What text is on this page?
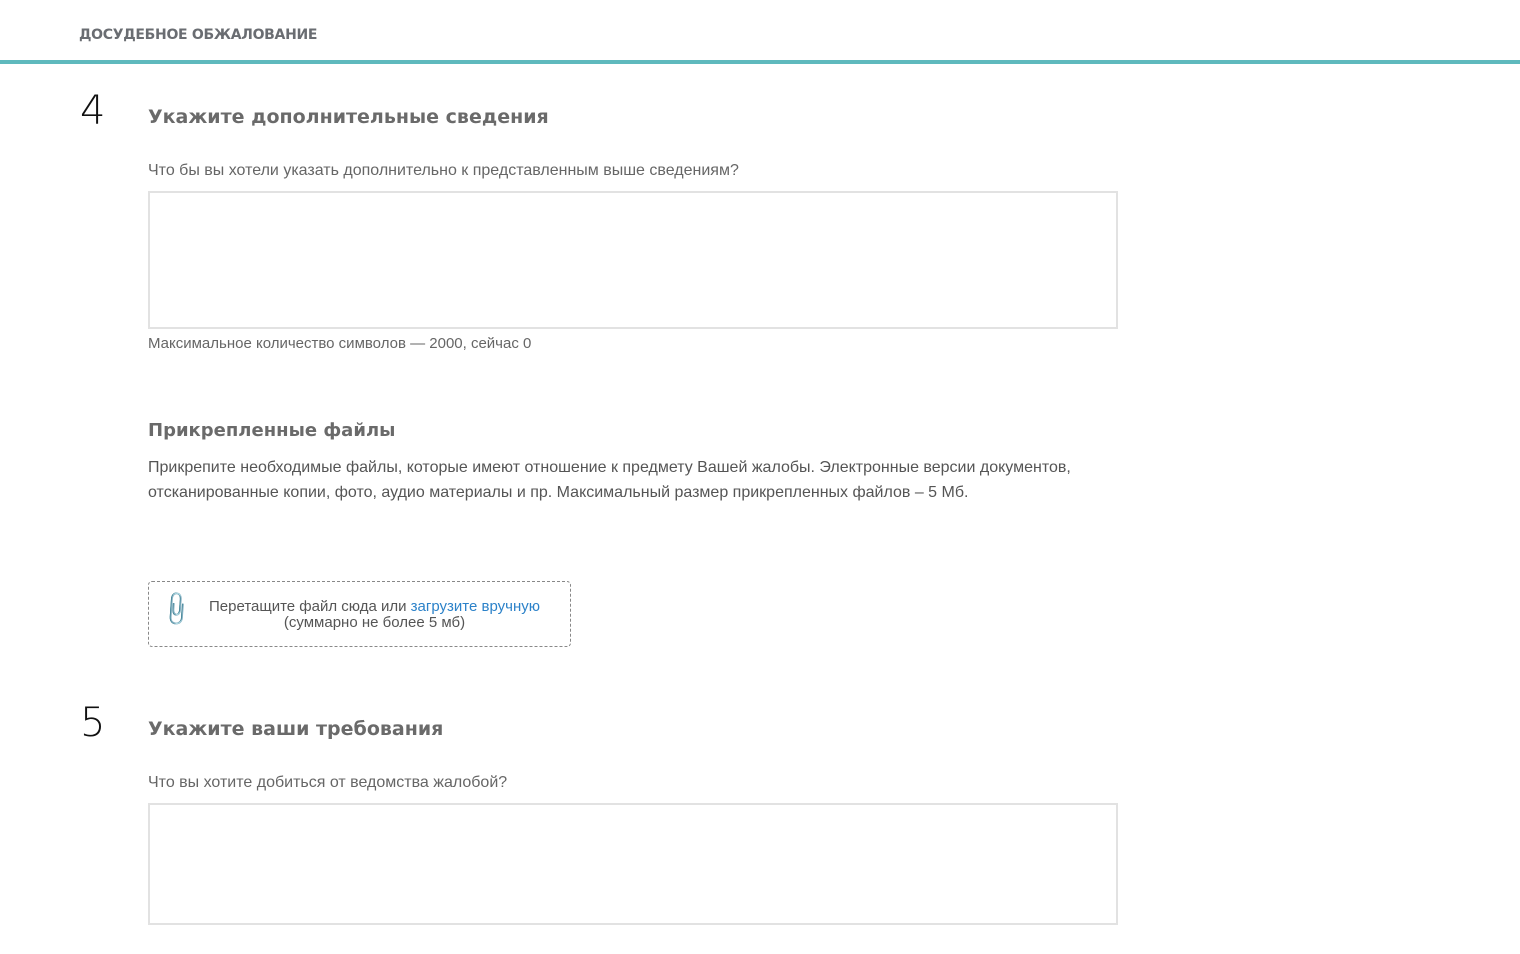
ДОСУДЕБНОЕ ОБЖАЛОВАНИЕ
4 Укажите дополнительные сведения
Что бы вы хотели указать дополнительно к представленным выше сведениям?
Максимальное количество символов — 2000, сейчас 0
Прикрепленные файлы
Прикрепите необходимые файлы, которые имеют отношение к предмету Вашей жалобы. Электронные версии документов, отсканированные копии, фото, аудио материалы и пр. Максимальный размер прикрепленных файлов – 5 Мб.
📎 Перетащите файл сюда или загрузите вручную
(суммарно не более 5 мб)
5 Укажите ваши требования
Что вы хотите добиться от ведомства жалобой?
